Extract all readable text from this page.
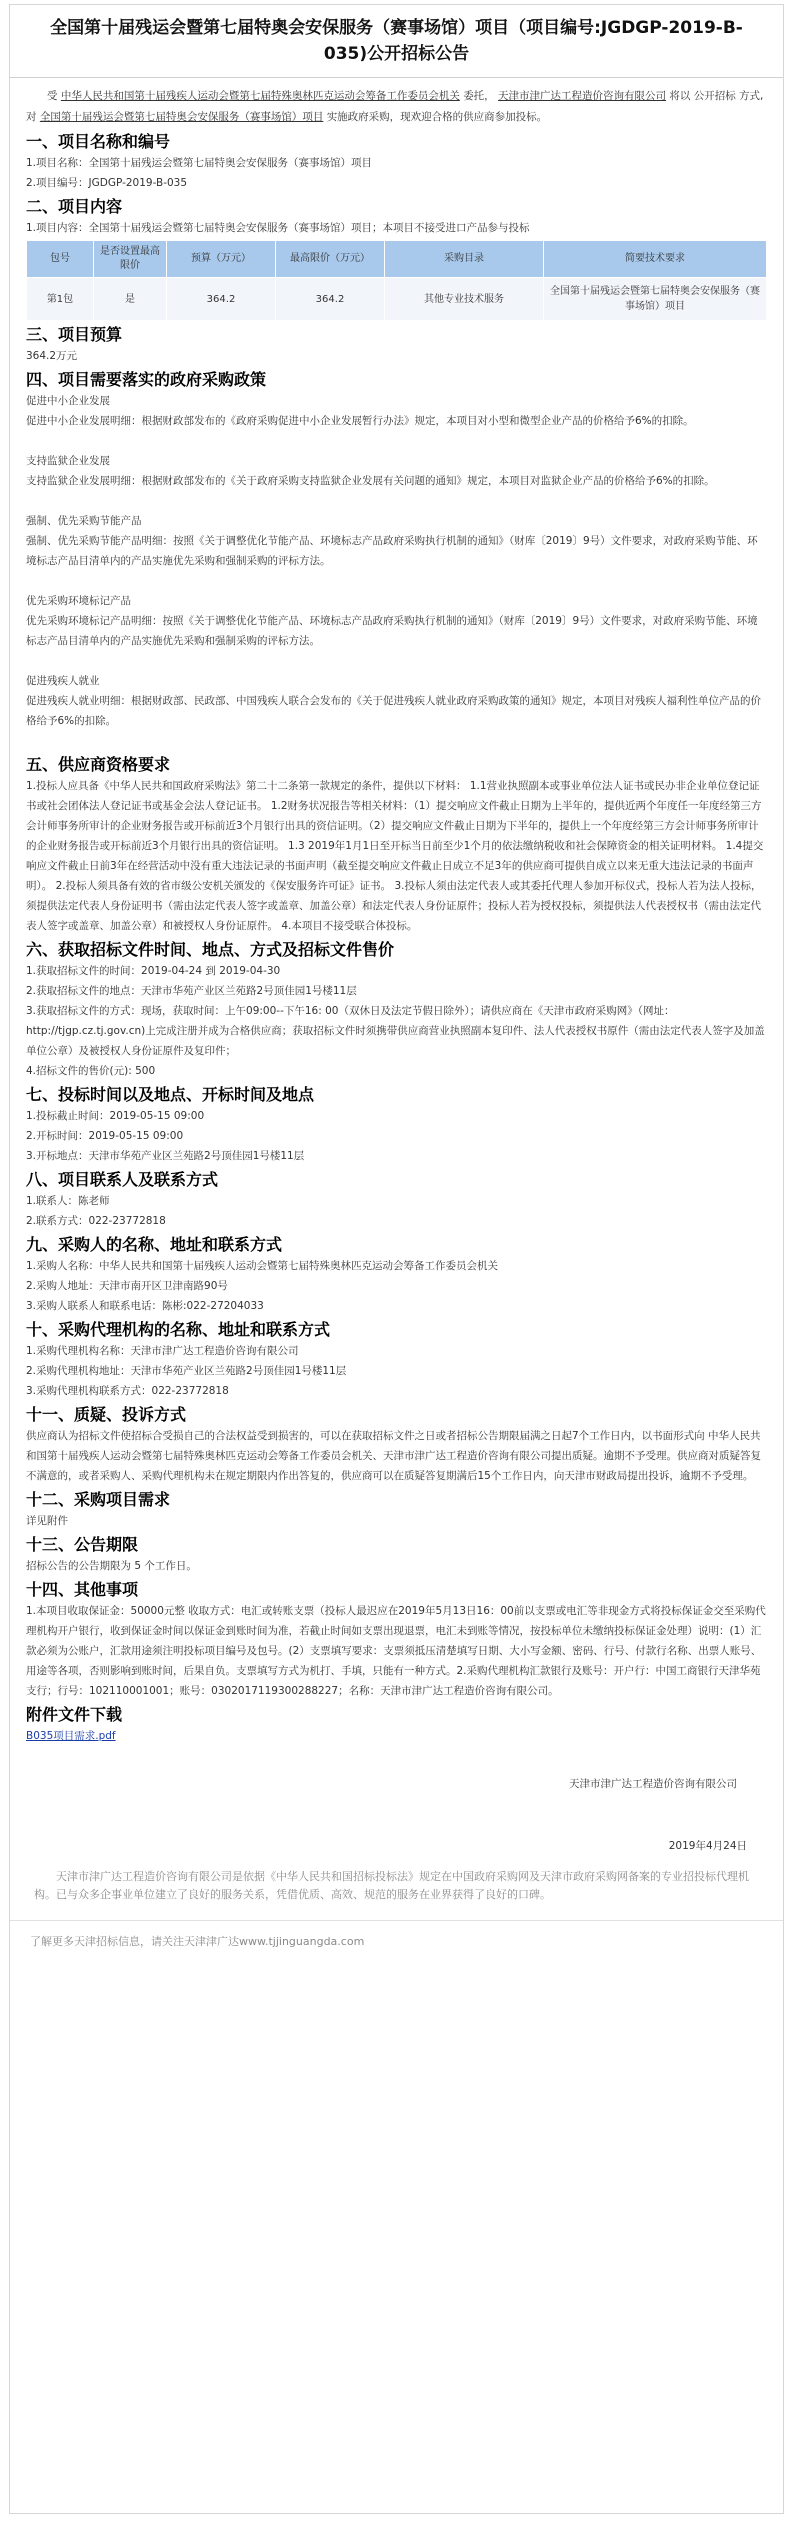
全国第十届残运会暨第七届特奥会安保服务（赛事场馆）项目（项目编号:JGDGP-2019-B-035)公开招标公告

受 中华人民共和国第十届残疾人运动会暨第七届特殊奥林匹克运动会筹备工作委员会机关 委托， 天津市津广达工程造价咨询有限公司 将以 公开招标 方式,对 全国第十届残运会暨第七届特奥会安保服务（赛事场馆）项目 实施政府采购，现欢迎合格的供应商参加投标。

一、项目名称和编号

1.项目名称：全国第十届残运会暨第七届特奥会安保服务（赛事场馆）项目

2.项目编号：JGDGP-2019-B-035

二、项目内容

1.项目内容：全国第十届残运会暨第七届特奥会安保服务（赛事场馆）项目；本项目不接受进口产品参与投标

包号	是否设置最高限价	预算（万元）	最高限价（万元）	采购目录	简要技术要求
第1包	是	364.2	364.2	其他专业技术服务	全国第十届残运会暨第七届特奥会安保服务（赛事场馆）项目
三、项目预算

364.2万元

四、项目需要落实的政府采购政策

促进中小企业发展

促进中小企业发展明细：根据财政部发布的《政府采购促进中小企业发展暂行办法》规定，本项目对小型和微型企业产品的价格给予6%的扣除。

支持监狱企业发展

支持监狱企业发展明细：根据财政部发布的《关于政府采购支持监狱企业发展有关问题的通知》规定，本项目对监狱企业产品的价格给予6%的扣除。

强制、优先采购节能产品

强制、优先采购节能产品明细：按照《关于调整优化节能产品、环境标志产品政府采购执行机制的通知》（财库〔2019〕9号）文件要求，对政府采购节能、环境标志产品目清单内的产品实施优先采购和强制采购的评标方法。

优先采购环境标记产品

优先采购环境标记产品明细：按照《关于调整优化节能产品、环境标志产品政府采购执行机制的通知》（财库〔2019〕9号）文件要求，对政府采购节能、环境标志产品目清单内的产品实施优先采购和强制采购的评标方法。

促进残疾人就业

促进残疾人就业明细：根据财政部、民政部、中国残疾人联合会发布的《关于促进残疾人就业政府采购政策的通知》规定，本项目对残疾人福利性单位产品的价格给予6%的扣除。

五、供应商资格要求

1.投标人应具备《中华人民共和国政府采购法》第二十二条第一款规定的条件，提供以下材料： 1.1营业执照副本或事业单位法人证书或民办非企业单位登记证书或社会团体法人登记证书或基金会法人登记证书。 1.2财务状况报告等相关材料：（1）提交响应文件截止日期为上半年的，提供近两个年度任一年度经第三方会计师事务所审计的企业财务报告或开标前近3个月银行出具的资信证明。（2）提交响应文件截止日期为下半年的，提供上一个年度经第三方会计师事务所审计的企业财务报告或开标前近3个月银行出具的资信证明。 1.3 2019年1月1日至开标当日前至少1个月的依法缴纳税收和社会保障资金的相关证明材料。 1.4提交响应文件截止日前3年在经营活动中没有重大违法记录的书面声明（截至提交响应文件截止日成立不足3年的供应商可提供自成立以来无重大违法记录的书面声明）。 2.投标人须具备有效的省市级公安机关颁发的《保安服务许可证》证书。 3.投标人须由法定代表人或其委托代理人参加开标仪式，投标人若为法人投标，须提供法定代表人身份证明书（需由法定代表人签字或盖章、加盖公章）和法定代表人身份证原件；投标人若为授权投标，须提供法人代表授权书（需由法定代表人签字或盖章、加盖公章）和被授权人身份证原件。 4.本项目不接受联合体投标。

六、获取招标文件时间、地点、方式及招标文件售价

1.获取招标文件的时间：2019-04-24 到 2019-04-30

2.获取招标文件的地点：天津市华苑产业区兰苑路2号顶佳园1号楼11层

3.获取招标文件的方式：现场，获取时间：上午09:00--下午16: 00（双休日及法定节假日除外）；请供应商在《天津市政府采购网》（网址：http://tjgp.cz.tj.gov.cn)上完成注册并成为合格供应商；获取招标文件时须携带供应商营业执照副本复印件、法人代表授权书原件（需由法定代表人签字及加盖单位公章）及被授权人身份证原件及复印件；

4.招标文件的售价(元): 500

七、投标时间以及地点、开标时间及地点

1.投标截止时间：2019-05-15 09:00

2.开标时间：2019-05-15 09:00

3.开标地点：天津市华苑产业区兰苑路2号顶佳园1号楼11层

八、项目联系人及联系方式

1.联系人：陈老师

2.联系方式：022-23772818

九、采购人的名称、地址和联系方式

1.采购人名称：中华人民共和国第十届残疾人运动会暨第七届特殊奥林匹克运动会筹备工作委员会机关

2.采购人地址：天津市南开区卫津南路90号

3.采购人联系人和联系电话：陈彬:022-27204033

十、采购代理机构的名称、地址和联系方式

1.采购代理机构名称：天津市津广达工程造价咨询有限公司

2.采购代理机构地址：天津市华苑产业区兰苑路2号顶佳园1号楼11层

3.采购代理机构联系方式：022-23772818

十一、质疑、投诉方式

供应商认为招标文件使招标合受损自己的合法权益受到损害的，可以在获取招标文件之日或者招标公告期限届满之日起7个工作日内，以书面形式向 中华人民共和国第十届残疾人运动会暨第七届特殊奥林匹克运动会筹备工作委员会机关、天津市津广达工程造价咨询有限公司提出质疑。逾期不予受理。供应商对质疑答复不满意的，或者采购人、采购代理机构未在规定期限内作出答复的，供应商可以在质疑答复期满后15个工作日内，向天津市财政局提出投诉，逾期不予受理。

十二、采购项目需求

详见附件

十三、公告期限

招标公告的公告期限为 5 个工作日。

十四、其他事项

1.本项目收取保证金：50000元整 收取方式：电汇或转账支票（投标人最迟应在2019年5月13日16：00前以支票或电汇等非现金方式将投标保证金交至采购代理机构开户银行，收到保证金时间以保证金到账时间为准，若截止时间如支票出现退票，电汇未到账等情况，按投标单位未缴纳投标保证金处理）说明：(1）汇款必须为公账户，汇款用途须注明投标项目编号及包号。(2）支票填写要求：支票须抵压清楚填写日期、大小写金额、密码、行号、付款行名称、出票人账号、用途等各项，否则影响到账时间，后果自负。支票填写方式为机打、手填，只能有一种方式。2.采购代理机构汇款银行及账号：开户行：中国工商银行天津华苑支行；行号：102110001001；账号：0302017119300288227；名称：天津市津广达工程造价咨询有限公司。

附件文件下载

B035项目需求.pdf

天津市津广达工程造价咨询有限公司

2019年4月24日

天津市津广达工程造价咨询有限公司是依据《中华人民共和国招标投标法》规定在中国政府采购网及天津市政府采购网备案的专业招投标代理机构。已与众多企事业单位建立了良好的服务关系，凭借优质、高效、规范的服务在业界获得了良好的口碑。

了解更多天津招标信息，请关注天津津广达www.tjjinguangda.com
